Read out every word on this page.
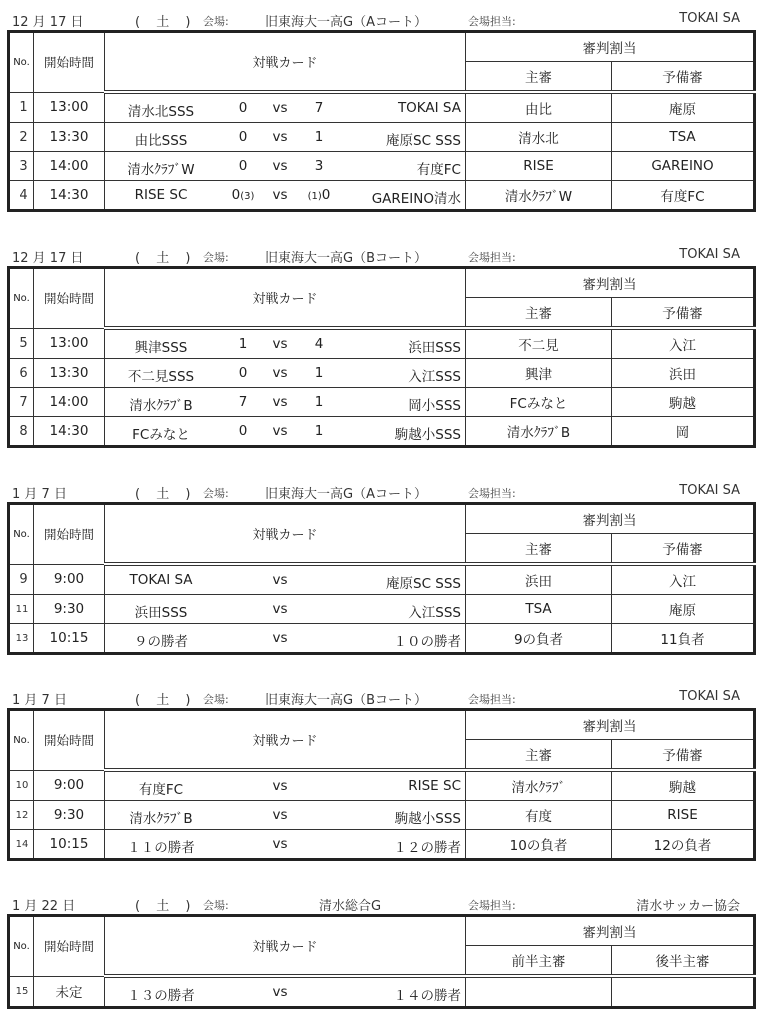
12 月 17 日	( 土 ) 会場:	旧東海大一高G（Aコート）	会場担当:	TOKAI SA
No.	開始時間	対戦カード	審判割当	
			主審	予備審
1	13:00	清水北SSS 0 vs 7 TOKAI SA	由比	庵原
2	13:30	由比SSS 0 vs 1 庵原SC SSS	清水北	TSA
3	14:00	清水ｸﾗﾌﾞW 0 vs 3 有度FC	RISE	GAREINO
4	14:30	RISE SC 0(3) vs (1)0 GAREINO清水	清水ｸﾗﾌﾞW	有度FC
12 月 17 日	( 土 ) 会場:	旧東海大一高G（Bコート）	会場担当:	TOKAI SA
No.	開始時間	対戦カード	審判割当	
			主審	予備審
5	13:00	興津SSS 1 vs 4 浜田SSS	不二見	入江
6	13:30	不二見SSS 0 vs 1 入江SSS	興津	浜田
7	14:00	清水ｸﾗﾌﾞB 7 vs 1 岡小SSS	FCみなと	駒越
8	14:30	FCみなと 0 vs 1 駒越小SSS	清水ｸﾗﾌﾞB	岡
1 月 7 日	( 土 ) 会場:	旧東海大一高G（Aコート）	会場担当:	TOKAI SA
No.	開始時間	対戦カード	審判割当	
			主審	予備審
9	9:00	TOKAI SA vs 庵原SC SSS	浜田	入江
11	9:30	浜田SSS vs 入江SSS	TSA	庵原
13	10:15	９の勝者 vs １０の勝者	9の負者	11負者
1 月 7 日	( 土 ) 会場:	旧東海大一高G（Bコート）	会場担当:	TOKAI SA
No.	開始時間	対戦カード	審判割当	
			主審	予備審
10	9:00	有度FC vs RISE SC	清水ｸﾗﾌﾞ	駒越
12	9:30	清水ｸﾗﾌﾞB vs 駒越小SSS	有度	RISE
14	10:15	１１の勝者 vs １２の勝者	10の負者	12の負者
1 月 22 日	( 土 ) 会場:	清水総合G	会場担当:	清水サッカー協会
No.	開始時間	対戦カード	審判割当	
			前半主審	後半主審
15	未定	１３の勝者 vs １４の勝者		
